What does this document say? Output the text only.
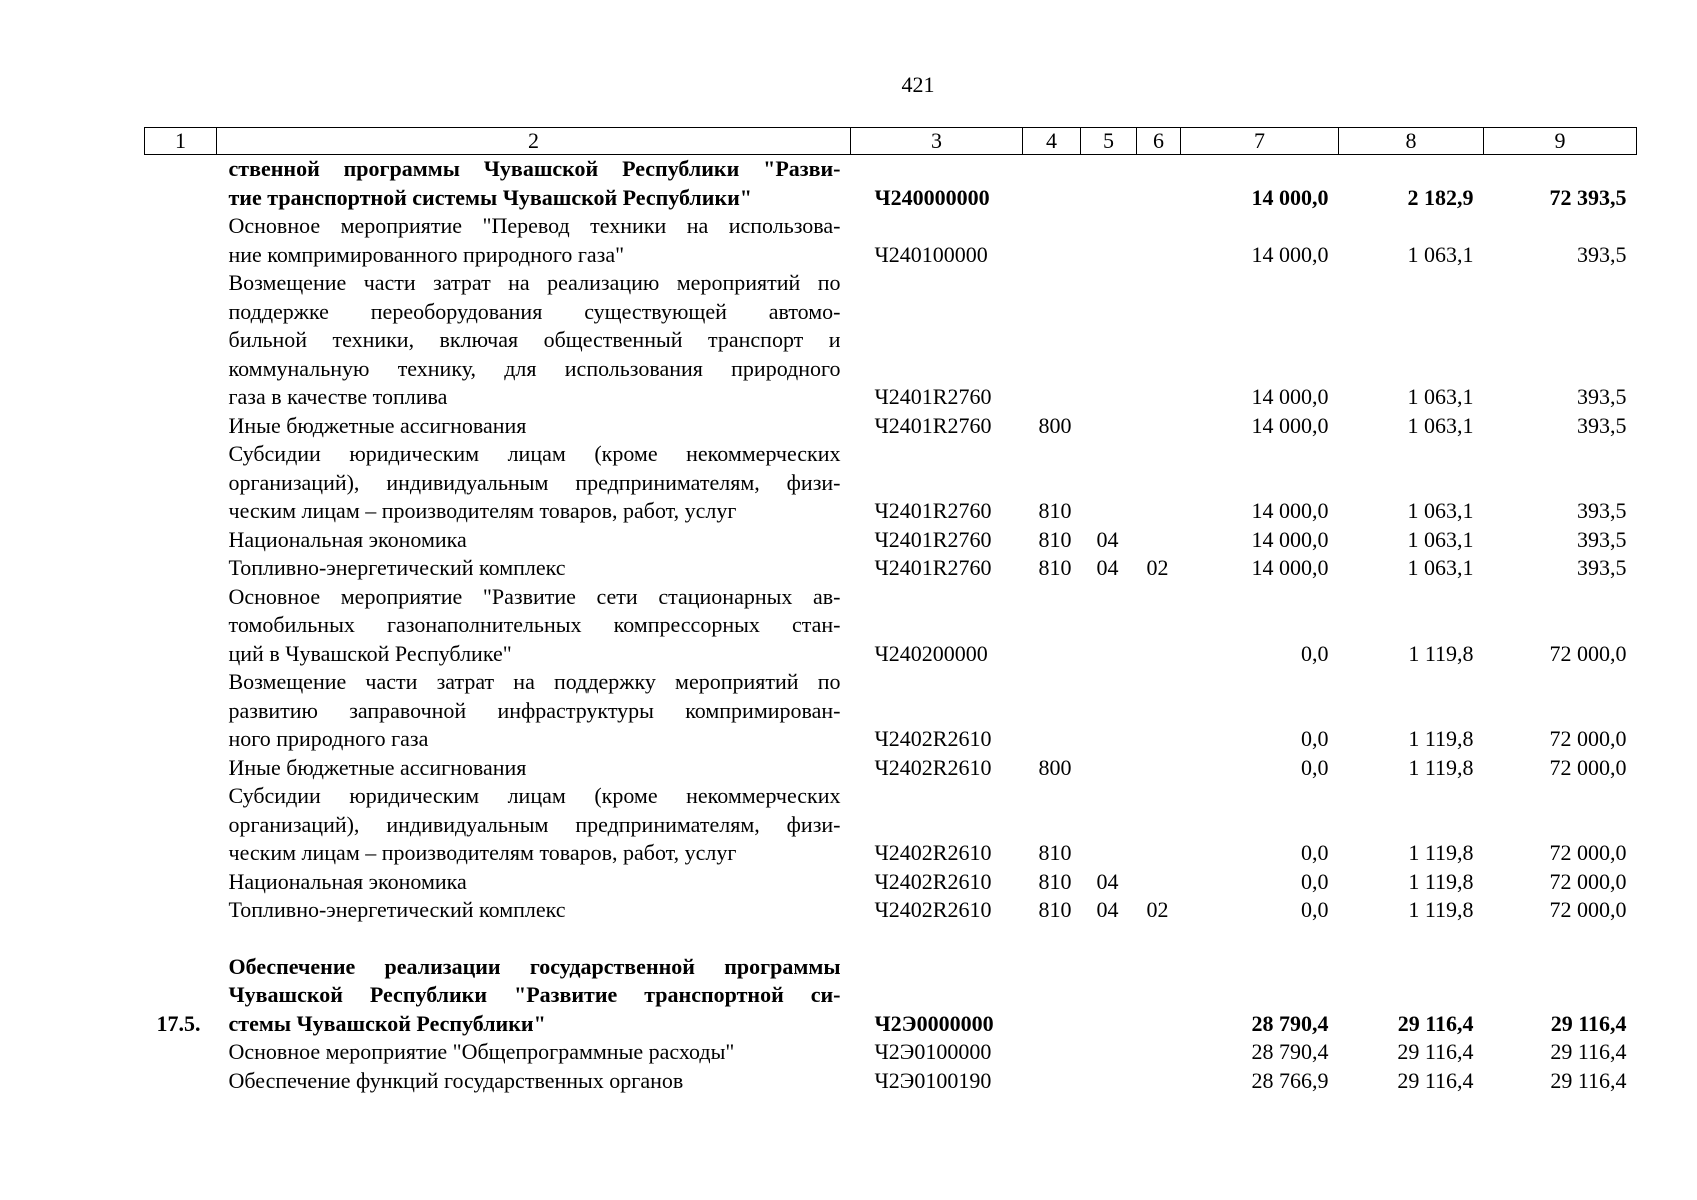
421
1	2	3	4	5	6	7	8	9

	ственной программы Чувашской Республики "Разви-
тие транспортной системы Чувашской Республики"	Ч240000000				14 000,0	2 182,9	72 393,5

	Основное мероприятие "Перевод техники на использова-
ние компримированного природного газа"	Ч240100000				14 000,0	1 063,1	393,5

	Возмещение части затрат на реализацию мероприятий по
поддержке переоборудования существующей автомо-
бильной техники, включая общественный транспорт и
коммунальную технику, для использования природного
газа в качестве топлива	Ч2401R2760				14 000,0	1 063,1	393,5

	Иные бюджетные ассигнования	Ч2401R2760	800			14 000,0	1 063,1	393,5

	Субсидии юридическим лицам (кроме некоммерческих
организаций), индивидуальным предпринимателям, физи-
ческим лицам – производителям товаров, работ, услуг	Ч2401R2760	810			14 000,0	1 063,1	393,5

	Национальная экономика	Ч2401R2760	810	04		14 000,0	1 063,1	393,5

	Топливно-энергетический комплекс	Ч2401R2760	810	04	02	14 000,0	1 063,1	393,5

	Основное мероприятие "Развитие сети стационарных ав-
томобильных газонаполнительных компрессорных стан-
ций в Чувашской Республике"	Ч240200000				0,0	1 119,8	72 000,0

	Возмещение части затрат на поддержку мероприятий по
развитию заправочной инфраструктуры компримирован-
ного природного газа	Ч2402R2610				0,0	1 119,8	72 000,0

	Иные бюджетные ассигнования	Ч2402R2610	800			0,0	1 119,8	72 000,0

	Субсидии юридическим лицам (кроме некоммерческих
организаций), индивидуальным предпринимателям, физи-
ческим лицам – производителям товаров, работ, услуг	Ч2402R2610	810			0,0	1 119,8	72 000,0

	Национальная экономика	Ч2402R2610	810	04		0,0	1 119,8	72 000,0

	Топливно-энергетический комплекс	Ч2402R2610	810	04	02	0,0	1 119,8	72 000,0

17.5.	Обеспечение реализации государственной программы
Чувашской Республики "Развитие транспортной си-
стемы Чувашской Республики"	Ч2Э0000000				28 790,4	29 116,4	29 116,4

	Основное мероприятие "Общепрограммные расходы"	Ч2Э0100000				28 790,4	29 116,4	29 116,4

	Обеспечение функций государственных органов	Ч2Э0100190				28 766,9	29 116,4	29 116,4
